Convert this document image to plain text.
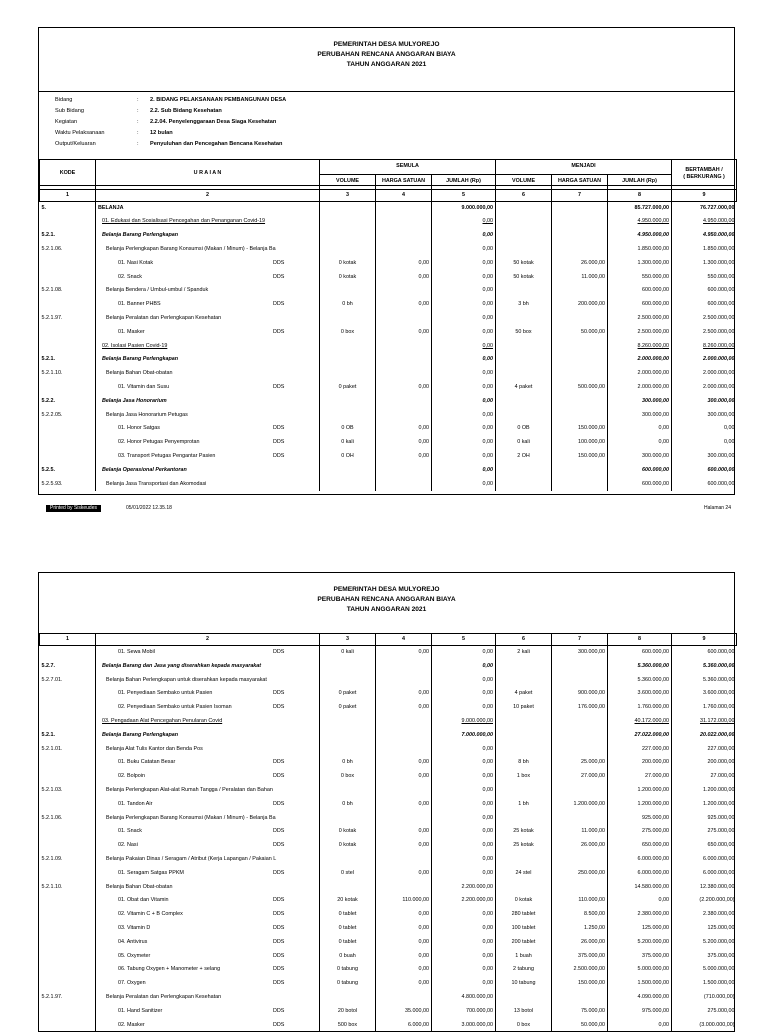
PEMERINTAH DESA MULYOREJO
PERUBAHAN RENCANA ANGGARAN BIAYA
TAHUN ANGGARAN 2021
Bidang	: 2. BIDANG PELAKSANAAN PEMBANGUNAN DESA
Sub Bidang	: 2.2. Sub Bidang Kesehatan
Kegiatan	: 2.2.04. Penyelenggaraan Desa Siaga Kesehatan
Waktu Pelaksanaan	: 12 bulan
Output/Keluaran	: Penyuluhan dan Pencegahan Bencana Kesehatan
KODE	U R A I A N	SEMULA			MENJADI			BERTAMBAH /
( BERKURANG )
		VOLUME	HARGA SATUAN	JUMLAH (Rp)	VOLUME	HARGA SATUAN	JUMLAH (Rp)	
1	2	3	4	5	6	7	8	9
5.	BELANJA			9.000.000,00			85.727.000,00	76.727.000,00

	01. Edukasi dan Sosialisasi Pencegahan dan Penanganan Covid-19			0,00			4.950.000,00	4.950.000,00
5.2.1.	Belanja Barang Perlengkapan			0,00			4.950.000,00	4.950.000,00
5.2.1.06.	Belanja Perlengkapan Barang Konsumsi (Makan / Minum) - Belanja Ba			0,00			1.850.000,00	1.850.000,00

	01. Nasi Kotak DDS	0 kotak	0,00	0,00	50 kotak	26.000,00	1.300.000,00	1.300.000,00

	02. Snack DDS	0 kotak	0,00	0,00	50 kotak	11.000,00	550.000,00	550.000,00
5.2.1.08.	Belanja Bendera / Umbul-umbul / Spanduk			0,00			600.000,00	600.000,00

	01. Banner PHBS DDS	0 bh	0,00	0,00	3 bh	200.000,00	600.000,00	600.000,00
5.2.1.97.	Belanja Peralatan dan Perlengkapan Kesehatan			0,00			2.500.000,00	2.500.000,00

	01. Masker DDS	0 box	0,00	0,00	50 box	50.000,00	2.500.000,00	2.500.000,00

	02. Isolasi Pasien Covid-19			0,00			8.260.000,00	8.260.000,00
5.2.1.	Belanja Barang Perlengkapan			0,00			2.000.000,00	2.000.000,00
5.2.1.10.	Belanja Bahan Obat-obatan			0,00			2.000.000,00	2.000.000,00

	01. Vitamin dan Susu DDS	0 paket	0,00	0,00	4 paket	500.000,00	2.000.000,00	2.000.000,00
5.2.2.	Belanja Jasa Honorarium			0,00			300.000,00	300.000,00
5.2.2.05.	Belanja Jasa Honorarium Petugas			0,00			300.000,00	300.000,00

	01. Honor Satgas DDS	0 OB	0,00	0,00	0 OB	150.000,00	0,00	0,00

	02. Honor Petugas Penyemprotan DDS	0 kali	0,00	0,00	0 kali	100.000,00	0,00	0,00

	03. Transport Petugas Pengantar Pasien DDS	0 OH	0,00	0,00	2 OH	150.000,00	300.000,00	300.000,00
5.2.5.	Belanja Operasional Perkantoran			0,00			600.000,00	600.000,00
5.2.5.93.	Belanja Jasa Transportasi dan Akomodasi			0,00			600.000,00	600.000,00
Printed by Siskeudes	05/01/2022 12.35.18	Halaman 24
PEMERINTAH DESA MULYOREJO
PERUBAHAN RENCANA ANGGARAN BIAYA
TAHUN ANGGARAN 2021
1	2	3	4	5	6	7	8	9

	01. Sewa Mobil DDS	0 kali	0,00	0,00	2 kali	300.000,00	600.000,00	600.000,00
5.2.7.	Belanja Barang dan Jasa yang diserahkan kepada masyarakat			0,00			5.360.000,00	5.360.000,00
5.2.7.01.	Belanja Bahan Perlengkapan untuk diserahkan kepada masyarakat			0,00			5.360.000,00	5.360.000,00

	01. Penyediaan Sembako untuk Pasien DDS	0 paket	0,00	0,00	4 paket	900.000,00	3.600.000,00	3.600.000,00

	02. Penyediaan Sembako untuk Pasien Isoman DDS	0 paket	0,00	0,00	10 paket	176.000,00	1.760.000,00	1.760.000,00

	03. Pengadaan Alat Pencegahan Penularan Covid			9.000.000,00			40.172.000,00	31.172.000,00
5.2.1.	Belanja Barang Perlengkapan			7.000.000,00			27.022.000,00	20.022.000,00
5.2.1.01.	Belanja Alat Tulis Kantor dan Benda Pos			0,00			227.000,00	227.000,00

	01. Buku Catatan Besar DDS	0 bh	0,00	0,00	8 bh	25.000,00	200.000,00	200.000,00

	02. Bolpoin DDS	0 box	0,00	0,00	1 box	27.000,00	27.000,00	27.000,00
5.2.1.03.	Belanja Perlengkapan Alat-alat Rumah Tangga / Peralatan dan Bahan			0,00			1.200.000,00	1.200.000,00

	01. Tandon Air DDS	0 bh	0,00	0,00	1 bh	1.200.000,00	1.200.000,00	1.200.000,00
5.2.1.06.	Belanja Perlengkapan Barang Konsumsi (Makan / Minum) - Belanja Ba			0,00			925.000,00	925.000,00

	01. Snack DDS	0 kotak	0,00	0,00	25 kotak	11.000,00	275.000,00	275.000,00

	02. Nasi DDS	0 kotak	0,00	0,00	25 kotak	26.000,00	650.000,00	650.000,00
5.2.1.09.	Belanja Pakaian Dinas / Seragam / Atribut (Kerja Lapangan / Pakaian L			0,00			6.000.000,00	6.000.000,00

	01. Seragam Satgas PPKM DDS	0 stel	0,00	0,00	24 stel	250.000,00	6.000.000,00	6.000.000,00
5.2.1.10.	Belanja Bahan Obat-obatan			2.200.000,00			14.580.000,00	12.380.000,00

	01. Obat dan Vitamin DDS	20 kotak	110.000,00	2.200.000,00	0 kotak	110.000,00	0,00	(2.200.000,00)

	02. Vitamin C + B Complex DDS	0 tablet	0,00	0,00	280 tablet	8.500,00	2.380.000,00	2.380.000,00

	03. Vitamin D DDS	0 tablet	0,00	0,00	100 tablet	1.250,00	125.000,00	125.000,00

	04. Antivirus DDS	0 tablet	0,00	0,00	200 tablet	26.000,00	5.200.000,00	5.200.000,00

	05. Oxymeter DDS	0 buah	0,00	0,00	1 buah	375.000,00	375.000,00	375.000,00

	06. Tabung Oxygen + Manometer + selang DDS	0 tabung	0,00	0,00	2 tabung	2.500.000,00	5.000.000,00	5.000.000,00

	07. Oxygen DDS	0 tabung	0,00	0,00	10 tabung	150.000,00	1.500.000,00	1.500.000,00
5.2.1.97.	Belanja Peralatan dan Perlengkapan Kesehatan			4.800.000,00			4.090.000,00	(710.000,00)

	01. Hand Sanitizer DDS	20 botol	35.000,00	700.000,00	13 botol	75.000,00	975.000,00	275.000,00

	02. Masker DDS	500 box	6.000,00	3.000.000,00	0 box	50.000,00	0,00	(3.000.000,00)
